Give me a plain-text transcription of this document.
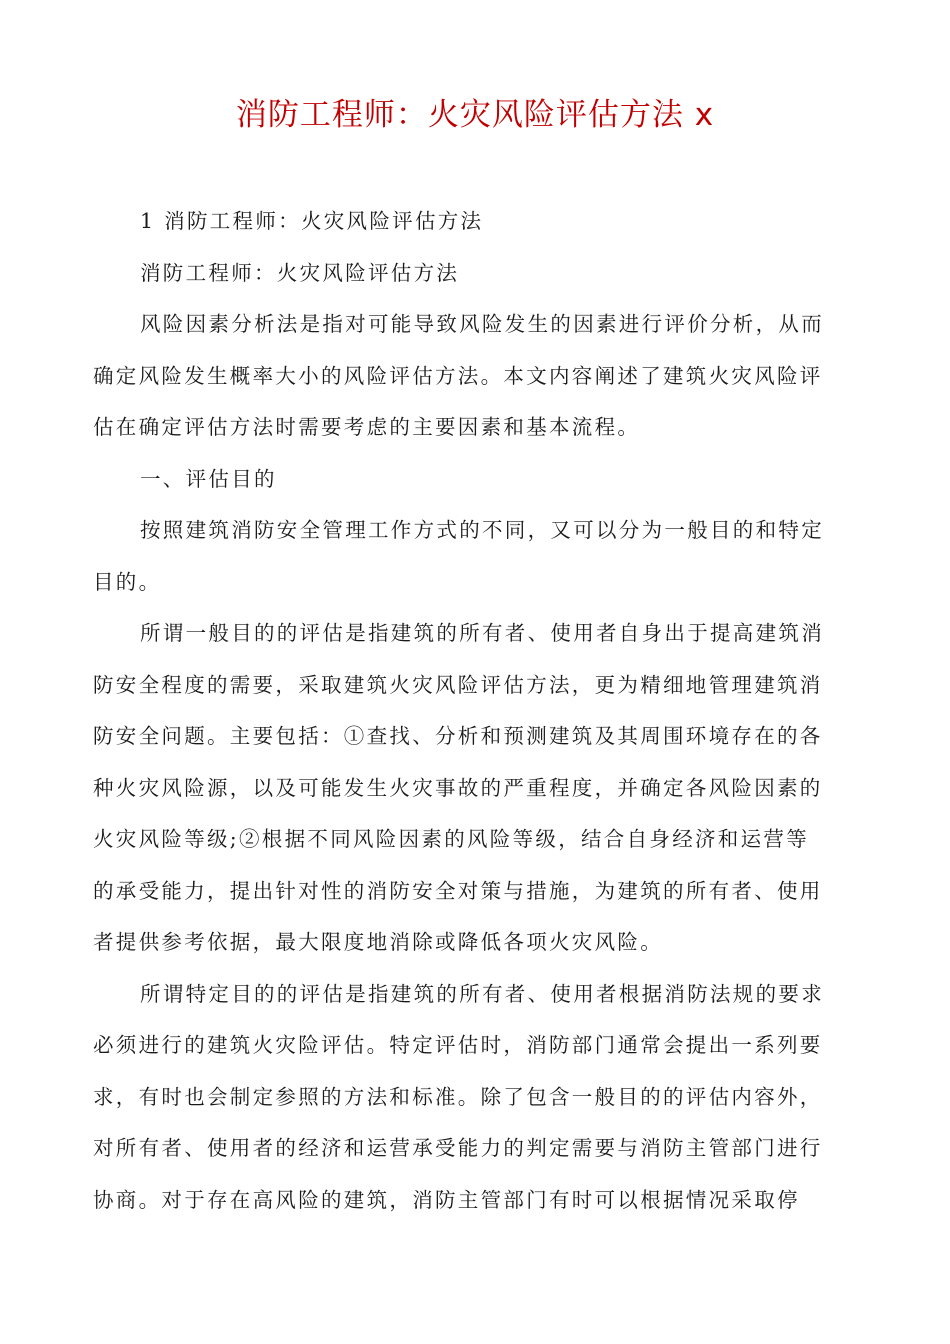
消防工程师：火灾风险评估方法 x
1 消防工程师：火灾风险评估方法
消防工程师：火灾风险评估方法
风险因素分析法是指对可能导致风险发生的因素进行评价分析，从而
确定风险发生概率大小的风险评估方法。本文内容阐述了建筑火灾风险评
估在确定评估方法时需要考虑的主要因素和基本流程。
一、评估目的
按照建筑消防安全管理工作方式的不同，又可以分为一般目的和特定
目的。
所谓一般目的的评估是指建筑的所有者、使用者自身出于提高建筑消
防安全程度的需要，采取建筑火灾风险评估方法，更为精细地管理建筑消
防安全问题。主要包括：①查找、分析和预测建筑及其周围环境存在的各
种火灾风险源，以及可能发生火灾事故的严重程度，并确定各风险因素的
火灾风险等级;②根据不同风险因素的风险等级，结合自身经济和运营等
的承受能力，提出针对性的消防安全对策与措施，为建筑的所有者、使用
者提供参考依据，最大限度地消除或降低各项火灾风险。
所谓特定目的的评估是指建筑的所有者、使用者根据消防法规的要求
必须进行的建筑火灾险评估。特定评估时，消防部门通常会提出一系列要
求，有时也会制定参照的方法和标准。除了包含一般目的的评估内容外，
对所有者、使用者的经济和运营承受能力的判定需要与消防主管部门进行
协商。对于存在高风险的建筑，消防主管部门有时可以根据情况采取停
